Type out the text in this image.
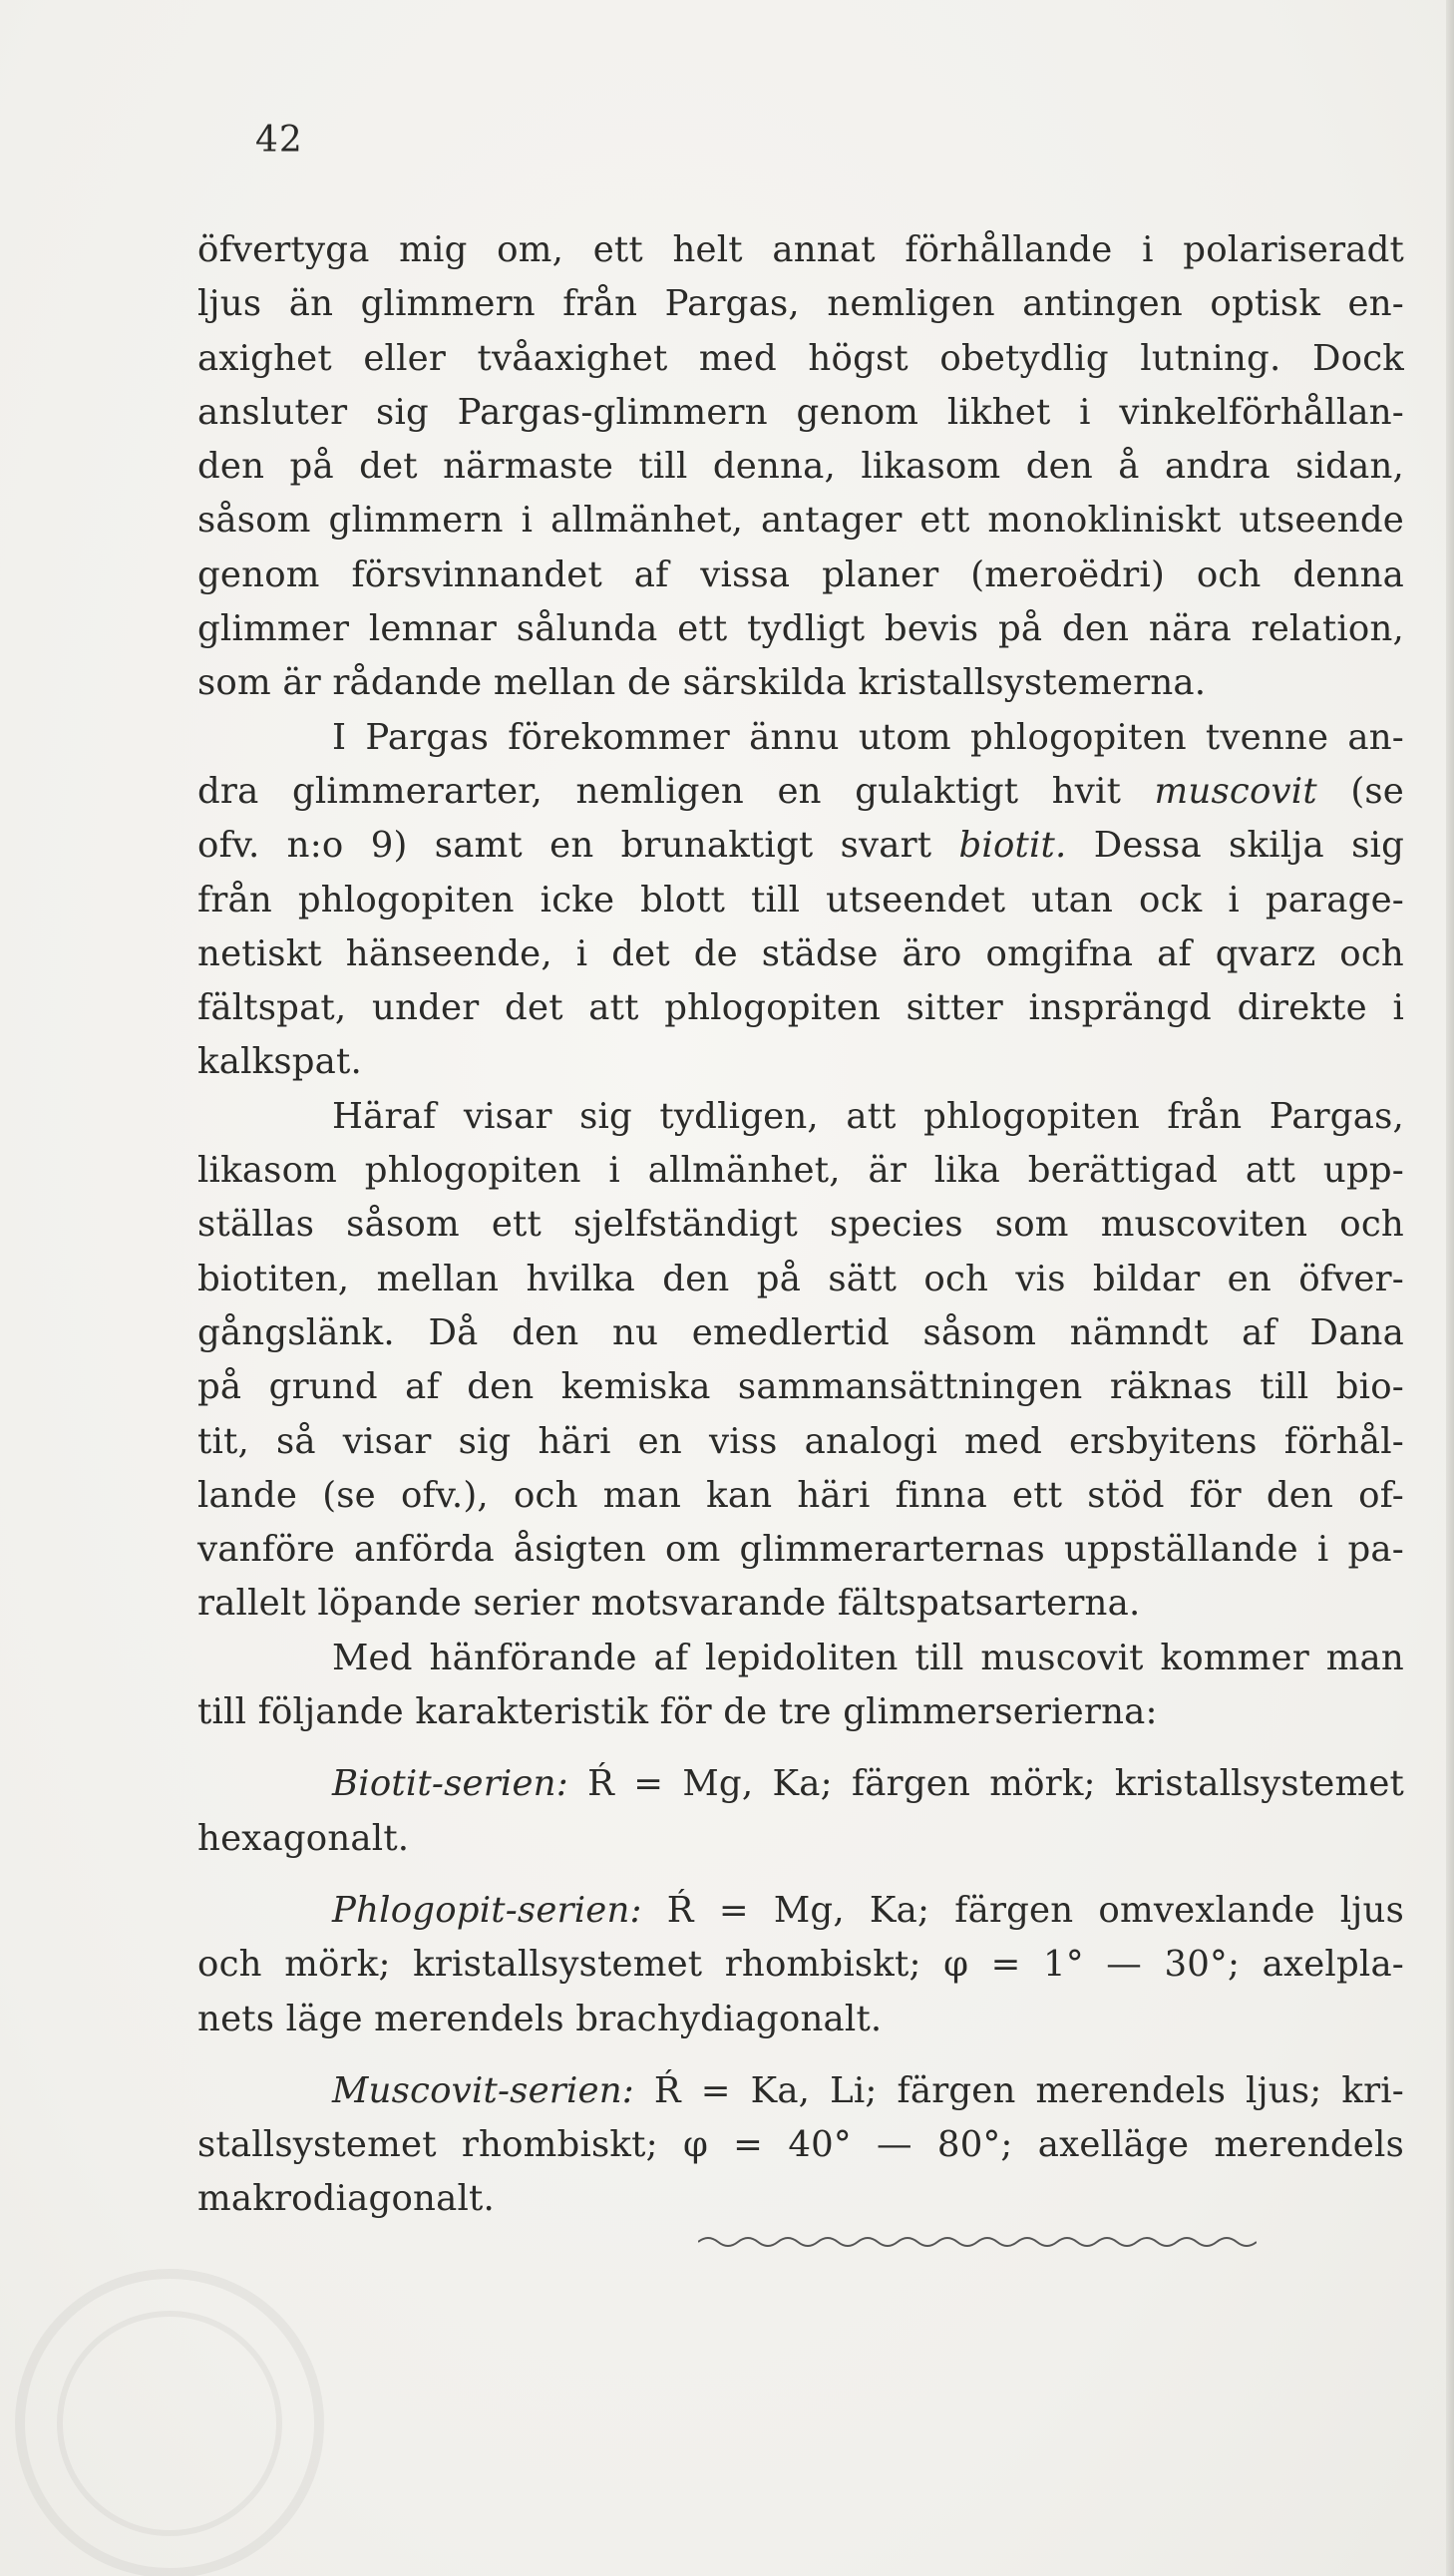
42
öfvertyga mig om, ett helt annat förhållande i polariseradt
ljus än glimmern från Pargas, nemligen antingen optisk en-
axighet eller tvåaxighet med högst obetydlig lutning. Dock
ansluter sig Pargas-glimmern genom likhet i vinkelförhållan-
den på det närmaste till denna, likasom den å andra sidan,
såsom glimmern i allmänhet, antager ett monokliniskt utseende
genom försvinnandet af vissa planer (meroëdri) och denna
glimmer lemnar sålunda ett tydligt bevis på den nära relation,
som är rådande mellan de särskilda kristallsystemerna.
I Pargas förekommer ännu utom phlogopiten tvenne an-
dra glimmerarter, nemligen en gulaktigt hvit muscovit (se
ofv. n:o 9) samt en brunaktigt svart biotit. Dessa skilja sig
från phlogopiten icke blott till utseendet utan ock i parage-
netiskt hänseende, i det de städse äro omgifna af qvarz och
fältspat, under det att phlogopiten sitter insprängd direkte i
kalkspat.
Häraf visar sig tydligen, att phlogopiten från Pargas,
likasom phlogopiten i allmänhet, är lika berättigad att upp-
ställas såsom ett sjelfständigt species som muscoviten och
biotiten, mellan hvilka den på sätt och vis bildar en öfver-
gångslänk. Då den nu emedlertid såsom nämndt af Dana
på grund af den kemiska sammansättningen räknas till bio-
tit, så visar sig häri en viss analogi med ersbyitens förhål-
lande (se ofv.), och man kan häri finna ett stöd för den of-
vanföre anförda åsigten om glimmerarternas uppställande i pa-
rallelt löpande serier motsvarande fältspatsarterna.
Med hänförande af lepidoliten till muscovit kommer man
till följande karakteristik för de tre glimmerserierna:
Biotit-serien: Ŕ = Mg, Ka; färgen mörk; kristallsystemet
hexagonalt.
Phlogopit-serien: Ŕ = Mg, Ka; färgen omvexlande ljus
och mörk; kristallsystemet rhombiskt; φ = 1° — 30°; axelpla-
nets läge merendels brachydiagonalt.
Muscovit-serien: Ŕ = Ka, Li; färgen merendels ljus; kri-
stallsystemet rhombiskt; φ = 40° — 80°; axelläge merendels
makrodiagonalt.
